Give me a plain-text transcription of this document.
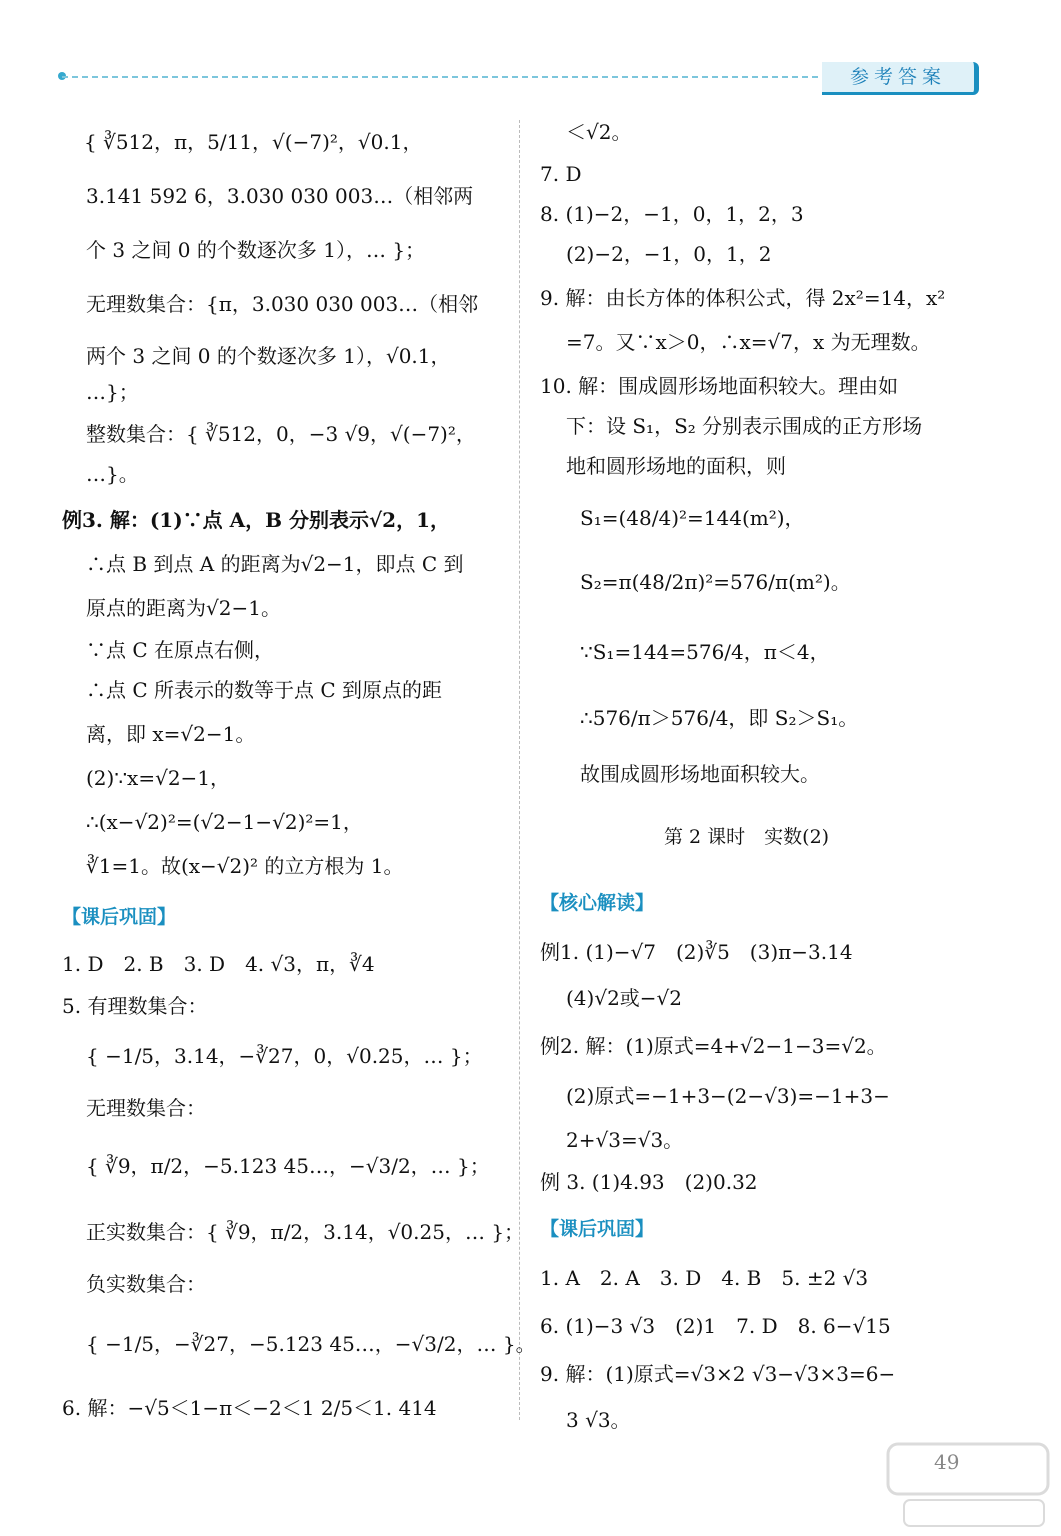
参考答案
{ ∛512，π，5/11，√(−7)²，√0.1，
3.141 592 6，3.030 030 003…（相邻两
个 3 之间 0 的个数逐次多 1），… }；
无理数集合：{π，3.030 030 003…（相邻
两个 3 之间 0 的个数逐次多 1），√0.1，
…}；
整数集合：{ ∛512，0，−3 √9，√(−7)²，
…}。
例3. 解：(1)∵点 A，B 分别表示√2，1，
∴点 B 到点 A 的距离为√2−1，即点 C 到
原点的距离为√2−1。
∵点 C 在原点右侧，
∴点 C 所表示的数等于点 C 到原点的距
离，即 x=√2−1。
(2)∵x=√2−1，
∴(x−√2)²=(√2−1−√2)²=1，
∛1=1。故(x−√2)² 的立方根为 1。
1. D　2. B　3. D　4. √3，π，∛4
5. 有理数集合：
{ −1/5，3.14，−∛27，0，√0.25，… }；
无理数集合：
{ ∛9，π/2，−5.123 45…，−√3/2，… }；
正实数集合：{ ∛9，π/2，3.14，√0.25，… }；
负实数集合：
{ −1/5，−∛27，−5.123 45…，−√3/2，… }。
6. 解：−√5＜1−π＜−2＜1 2/5＜1. 414
【课后巩固】
＜√2。
7. D
8. (1)−2，−1，0，1，2，3
(2)−2，−1，0，1，2
9. 解：由长方体的体积公式，得 2x²=14，x²
=7。又∵x＞0，∴x=√7，x 为无理数。
10. 解：围成圆形场地面积较大。理由如
下：设 S₁，S₂ 分别表示围成的正方形场
地和圆形场地的面积，则
S₁=(48/4)²=144(m²)，
S₂=π(48/2π)²=576/π(m²)。
∵S₁=144=576/4，π＜4，
∴576/π＞576/4，即 S₂＞S₁。
故围成圆形场地面积较大。
例1. (1)−√7　(2)∛5　(3)π−3.14
(4)√2或−√2
例2. 解：(1)原式=4+√2−1−3=√2。
(2)原式=−1+3−(2−√3)=−1+3−
2+√3=√3。
例 3. (1)4.93　(2)0.32
1. A　2. A　3. D　4. B　5. ±2 √3
6. (1)−3 √3　(2)1　7. D　8. 6−√15
9. 解：(1)原式=√3×2 √3−√3×3=6−
3 √3。
第 2 课时　实数(2)
【核心解读】
【课后巩固】
49
